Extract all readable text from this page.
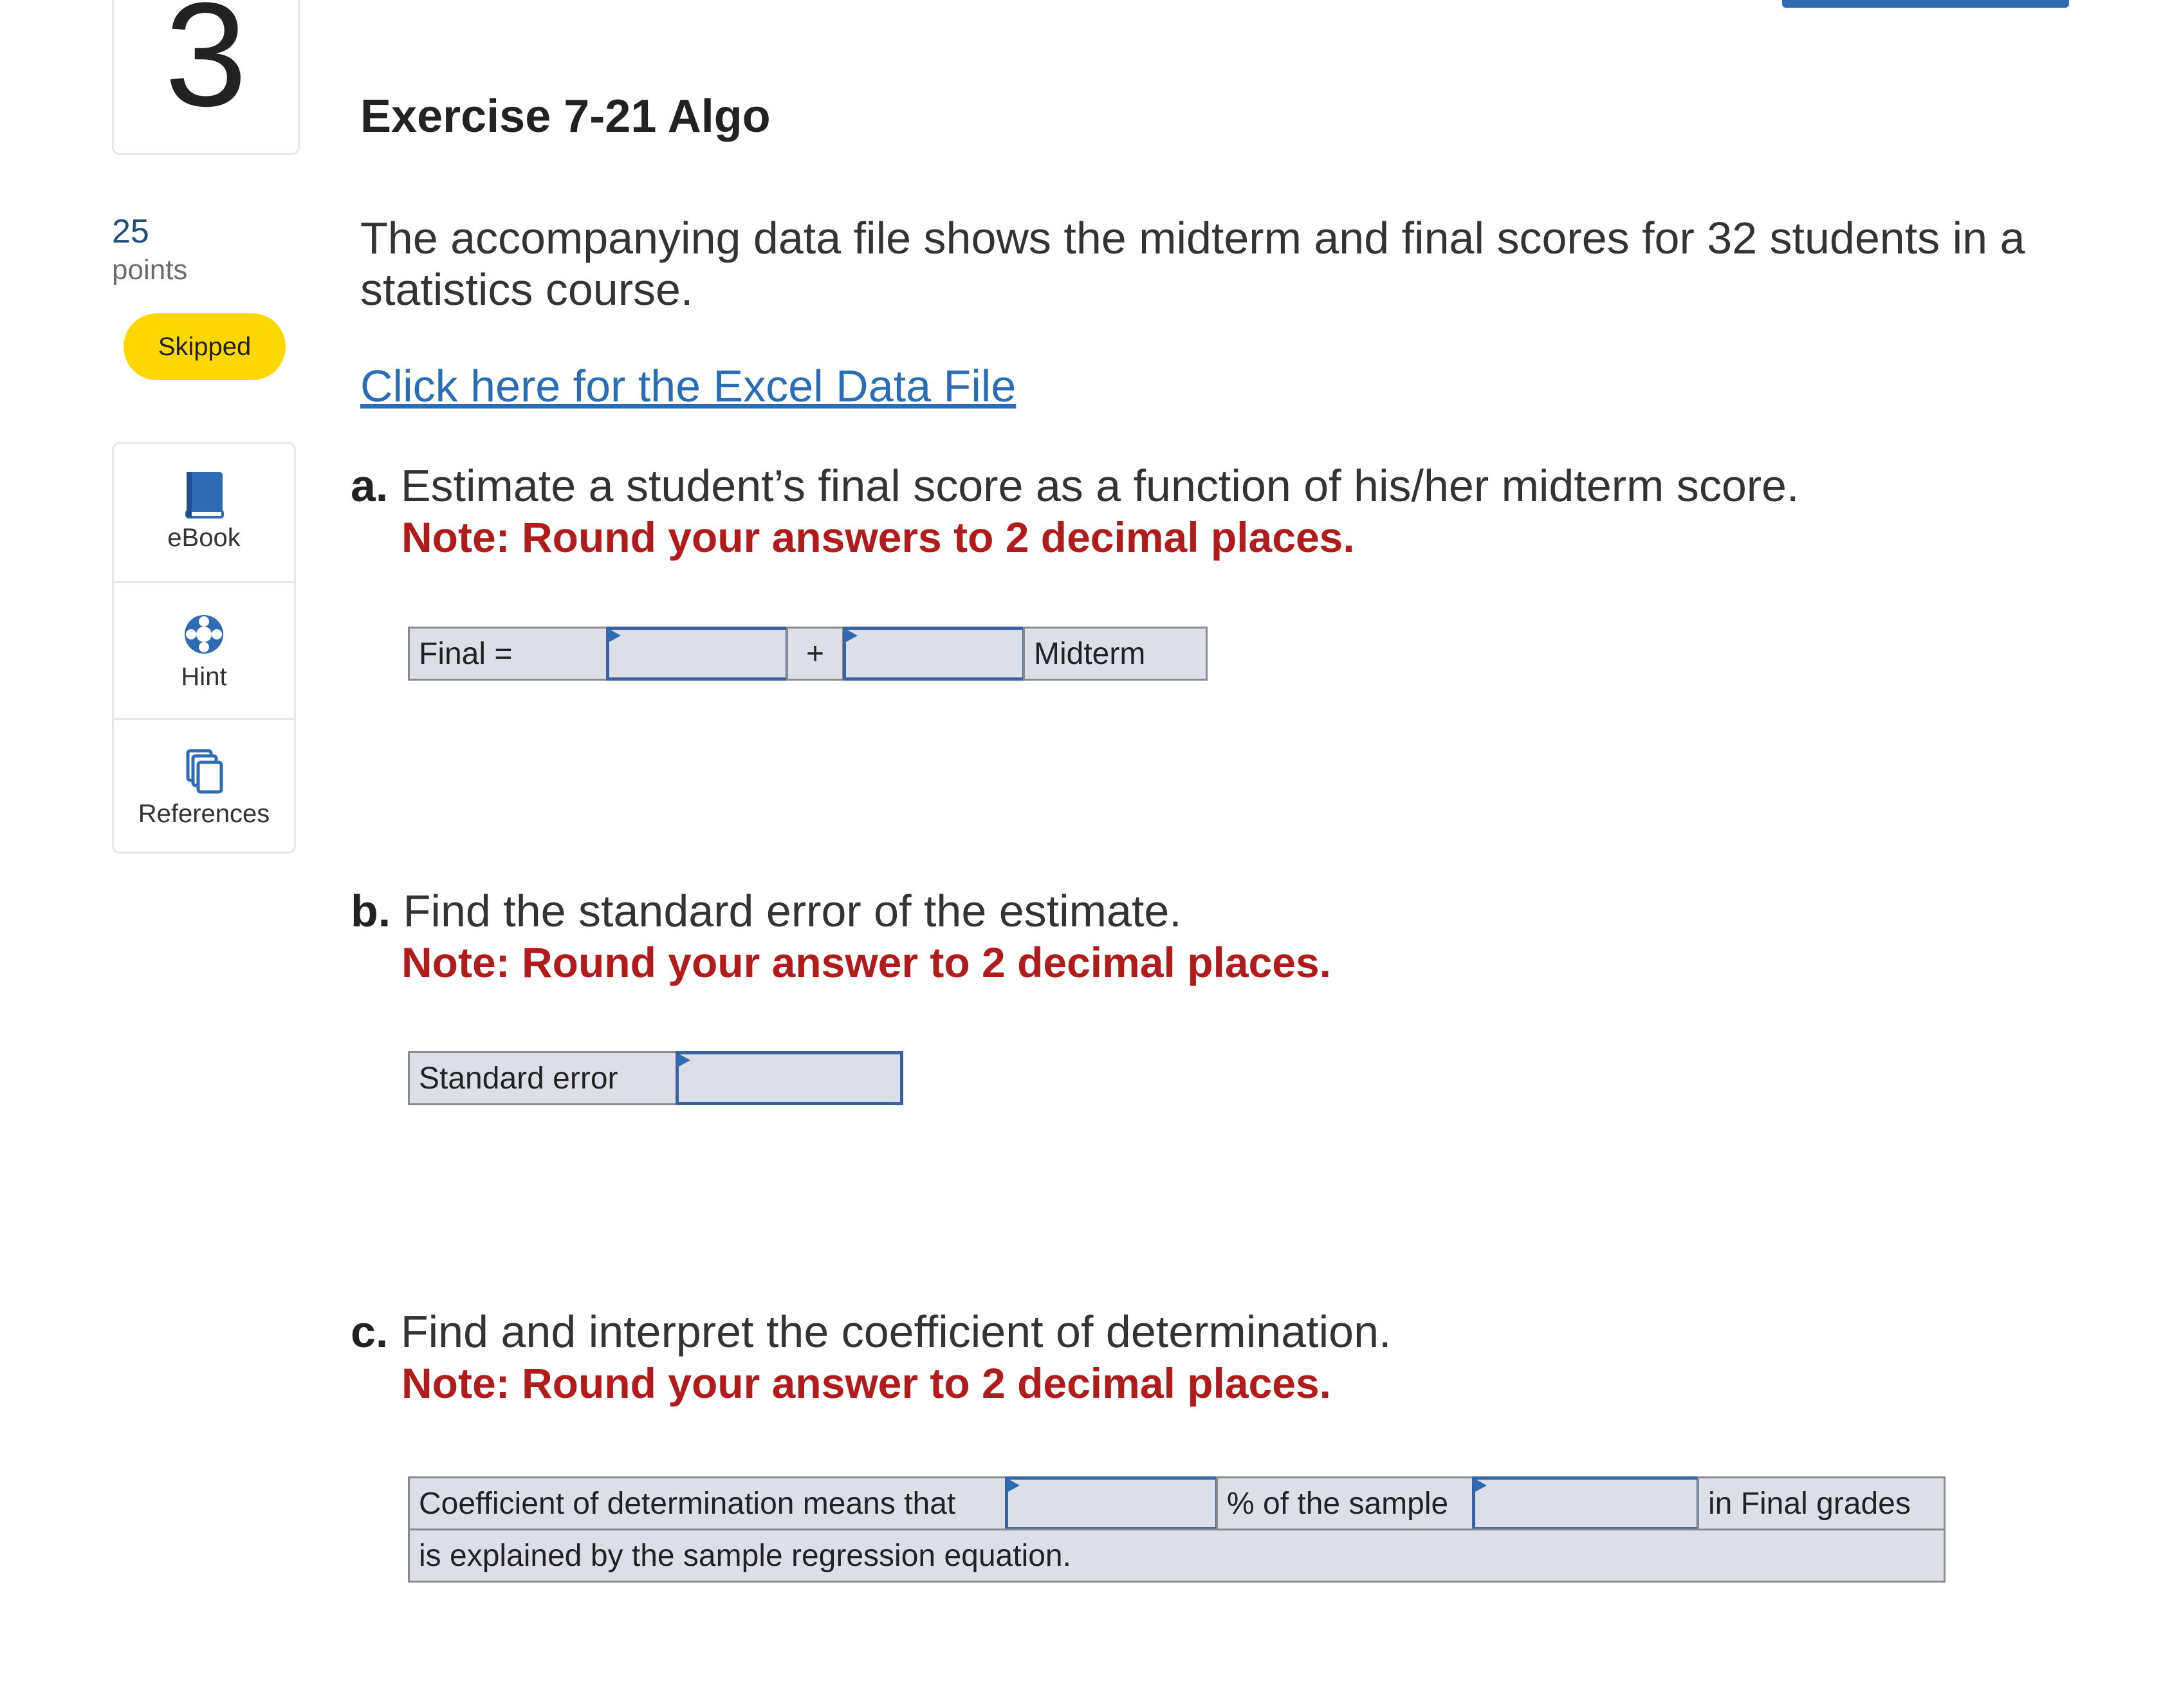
3
25
points
Skipped
eBook
Hint
References
Exercise 7-21 Algo
The accompanying data file shows the midterm and final scores for 32 students in a statistics course.
Click here for the Excel Data File
a. Estimate a student’s final score as a function of his/her midterm score.
Note: Round your answers to 2 decimal places.
Final =	+	Midterm
b. Find the standard error of the estimate.
Note: Round your answer to 2 decimal places.
Standard error
c. Find and interpret the coefficient of determination.
Note: Round your answer to 2 decimal places.
Coefficient of determination means that	% of the sample	in Final grades
is explained by the sample regression equation.
